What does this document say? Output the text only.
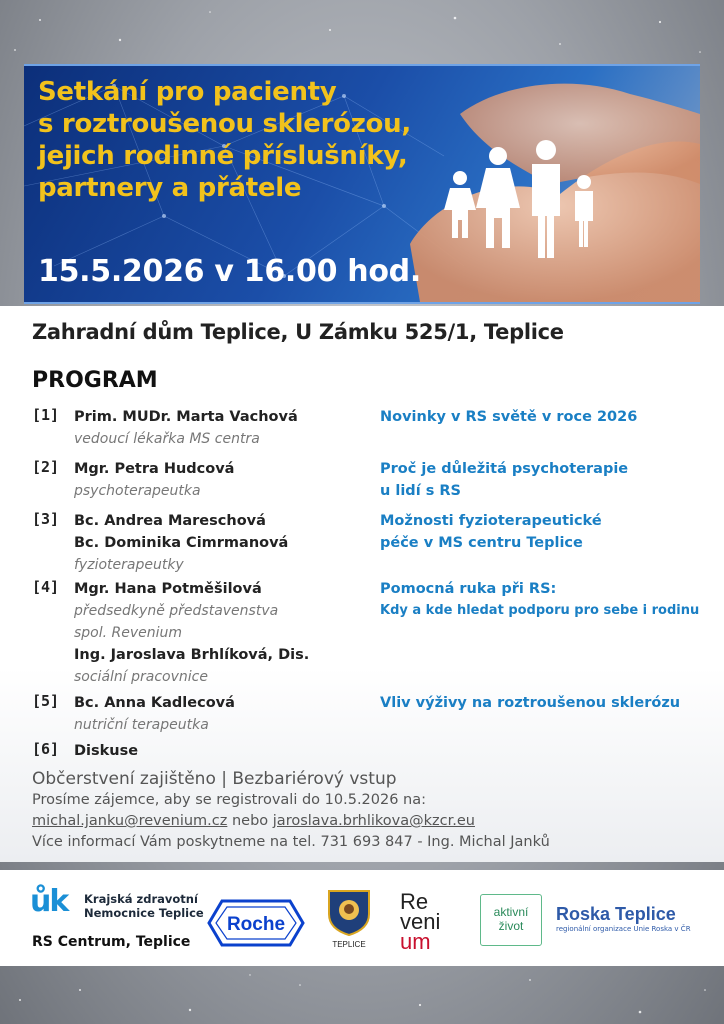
Setkání pro pacienty
s roztroušenou sklerózou,
jejich rodinné příslušníky,
partnery a přátele
15.5.2026 v 16.00 hod.
Zahradní dům Teplice, U Zámku 525/1, Teplice
PROGRAM
[1] Prim. MUDr. Marta Vachová
vedoucí lékařka MS centra
Novinky v RS světě v roce 2026
[2] Mgr. Petra Hudcová
psychoterapeutka
Proč je důležitá psychoterapie
u lidí s RS
[3] Bc. Andrea Mareschová
Bc. Dominika Cimrmanová
fyzioterapeutky
Možnosti fyzioterapeutické
péče v MS centru Teplice
[4] Mgr. Hana Potměšilová
předsedkyně představenstva
spol. Revenium
Ing. Jaroslava Brhlíková, Dis.
sociální pracovnice
Pomocná ruka při RS:
Kdy a kde hledat podporu pro sebe i rodinu
[5] Bc. Anna Kadlecová
nutriční terapeutka
Vliv výživy na roztroušenou sklerózu
[6] Diskuse
Občerstvení zajištěno | Bezbariérový vstup
Prosíme zájemce, aby se registrovali do 10.5.2026 na:
michal.janku@revenium.cz nebo jaroslava.brhlikova@kzcr.eu
Více informací Vám poskytneme na tel. 731 693 847 - Ing. Michal Janků
ůk Krajská zdravotní
Nemocnice Teplice
RS Centrum, Teplice
Roche
TEPLICE
Re
veni
um
aktivní
život
Roska Teplice
regionální organizace Unie Roska v ČR
